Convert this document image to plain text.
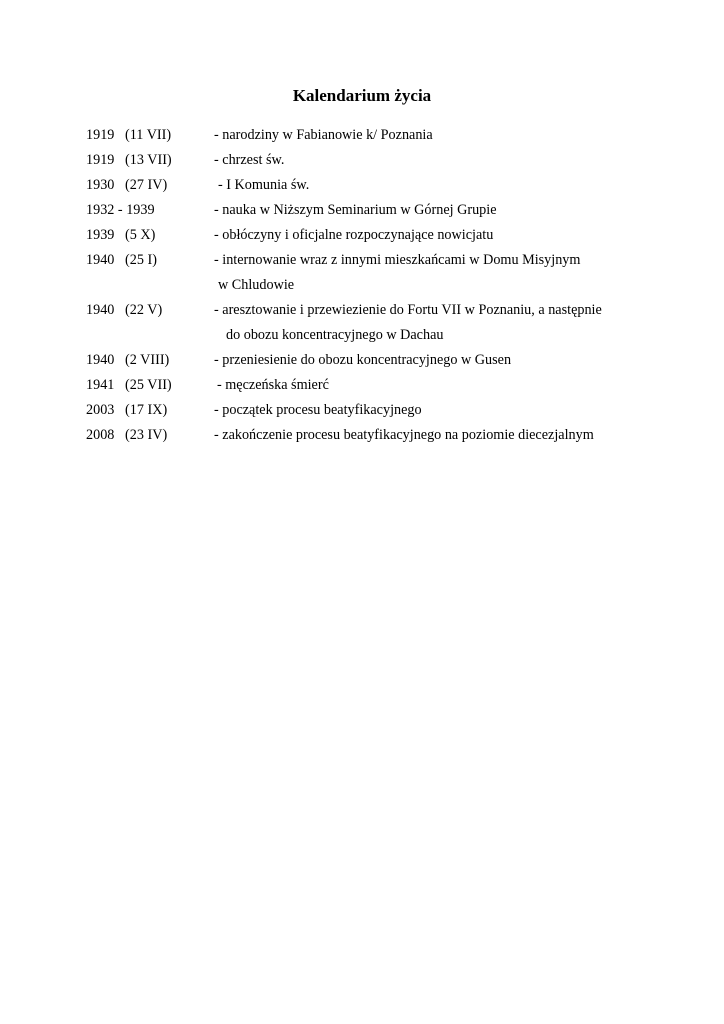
Kalendarium życia
1919   (11 VII)	- narodziny w Fabianowie k/ Poznania
1919   (13 VII)	- chrzest św.
1930   (27 IV)	- I Komunia św.
1932 - 1939	- nauka w Niższym Seminarium w Górnej Grupie
1939   (5 X)	- obłóczyny i oficjalne rozpoczynające nowicjatu
1940   (25 I)	- internowanie wraz z innymi mieszkańcami w Domu Misyjnym
w Chludowie
1940   (22 V)	- aresztowanie i przewiezienie do Fortu VII w Poznaniu, a następnie
do obozu koncentracyjnego w Dachau
1940   (2 VIII)	- przeniesienie do obozu koncentracyjnego w Gusen
1941   (25 VII)	- męczeńska śmierć
2003   (17 IX)	- początek procesu beatyfikacyjnego
2008   (23 IV)	- zakończenie procesu beatyfikacyjnego na poziomie diecezjalnym
